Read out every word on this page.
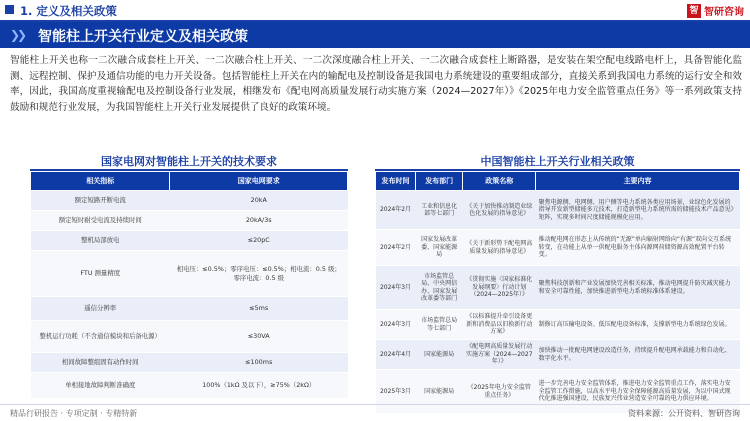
1. 定义及相关政策	智 智研咨询
❯❯ 智能柱上开关行业定义及相关政策

智能柱上开关也称一二次融合成套柱上开关、一二次融合柱上开关、一二次深度融合柱上开关、一二次融合成套柱上断路器，是安装在架空配电线路电杆上，具备智能化监测、远程控制、保护及通信功能的电力开关设备。包括智能柱上开关在内的输配电及控制设备是我国电力系统建设的重要组成部分，直接关系到我国电力系统的运行安全和效率，因此，我国高度重视输配电及控制设备行业发展，相继发布《配电网高质量发展行动实施方案（2024—2027年）》《2025年电力安全监管重点任务》等一系列政策支持鼓励和规范行业发展，为我国智能柱上开关行业发展提供了良好的政策环境。

国家电网对智能柱上开关的技术要求
相关指标	国家电网要求
额定短路开断电流	20kA
额定短时耐受电流及持续时间	20kA/3s
整机局部放电	≤20pC
FTU 测量精度	相电压：≤0.5%；零序电压：≤0.5%；相电流：0.5 级；零序电流：0.5 级
遥信分辨率	≤5ms
整机运行功耗（不含通信模块和后备电源）	≤30VA
相间故障整组固有动作时间	≤100ms
单相接地故障判断准确度	100%（1kΩ 及以下），≥75%（2kΩ）
中国智能柱上开关行业相关政策
发布时间	发布部门	政策名称	主要内容
2024年2月	工业和信息化部等七部门	《关于加快推动制造业绿色化发展的指导意见》	聚焦电源侧、电网侧、用户侧等电力系统各类应用场景，业绿色化发展的指导开发新型储能多元技术，打造新型电力系统所需的储能技术产品意见》矩阵，实现多时间尺度储能规模化应用。
2024年2月	国家发展改革委、国家能源局	《关于新形势下配电网高质量发展的指导意见》	推动配电网在形态上从传统的“无源”单向辐射网络向“有源”双向交互系统转变，在功能上从单一供配电服务主体向源网荷储资源高效配置平台转变。
2024年3月	市场监管总局、中央网信办、国家发展改革委等部门	《贯彻实施〈国家标准化发展纲要〉行动计划（2024—2025年）》	聚焦科技创新和产业发展加快完善相关标准，推动电网提升防灾减灾能力和安全可靠性能，加快推进新型电力系统标准体系建设。
2024年3月	市场监管总局等七部门	《以标准提升牵引设备更新和消费品以旧换新行动方案》	制修订高压输电设备、低压配电设备标准，支撑新型电力系统绿色发展。
2024年4月	国家能源局	《配电网高质量发展行动实施方案（2024—2027年）》	加快推动一批配电网建设改造任务，持续提升配电网承载能力和自动化、数字化水平。
2025年3月	国家能源局	《2025年电力安全监管重点任务》	进一步完善电力安全监管体系，推进电力安全监管重点工作，落实电力安全监管工作措施，以高水平电力安全保障能源高质量发展，为以中国式现代化推进强国建设、民族复兴伟业营造安全可靠的电力供应环境。
精品行研报告 · 专项定制 · 专精特新	资料来源：公开资料、智研咨询
